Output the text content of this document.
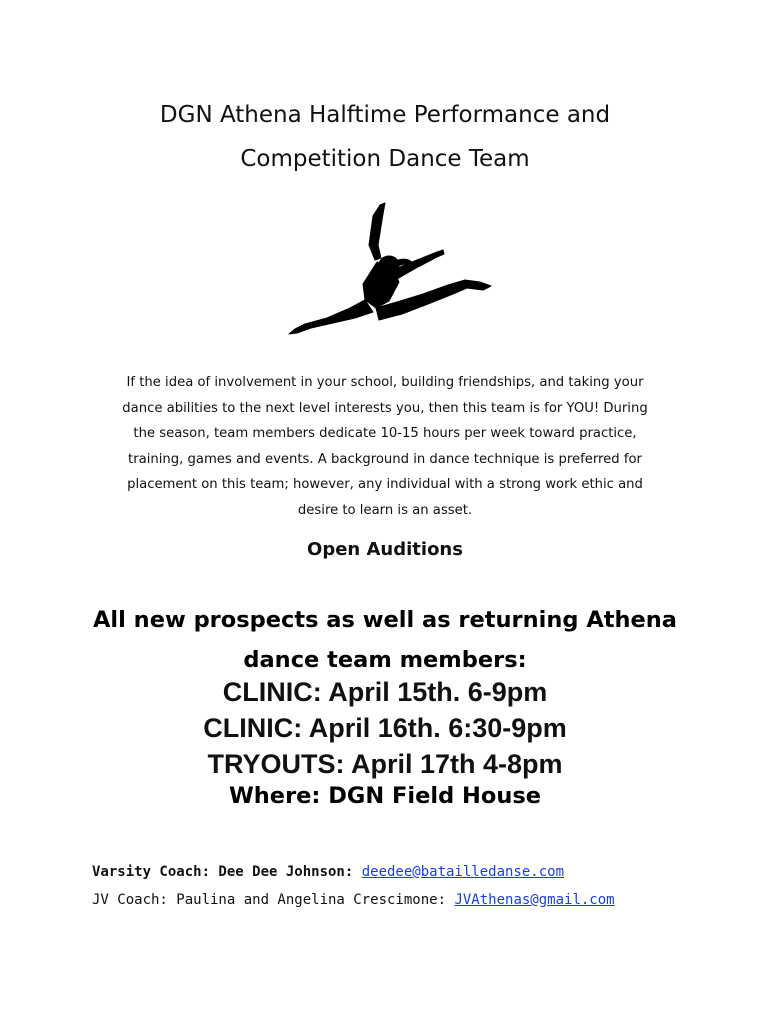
DGN Athena Halftime Performance and
Competition Dance Team
If the idea of involvement in your school, building friendships, and taking your
dance abilities to the next level interests you, then this team is for YOU! During
the season, team members dedicate 10-15 hours per week toward practice,
training, games and events. A background in dance technique is preferred for
placement on this team; however, any individual with a strong work ethic and
desire to learn is an asset.
Open Auditions
All new prospects as well as returning Athena
dance team members:
CLINIC: April 15th. 6-9pm
CLINIC: April 16th. 6:30-9pm
TRYOUTS: April 17th 4-8pm
Where: DGN Field House
Varsity Coach: Dee Dee Johnson: deedee@batailledanse.com
JV Coach: Paulina and Angelina Crescimone: JVAthenas@gmail.com
